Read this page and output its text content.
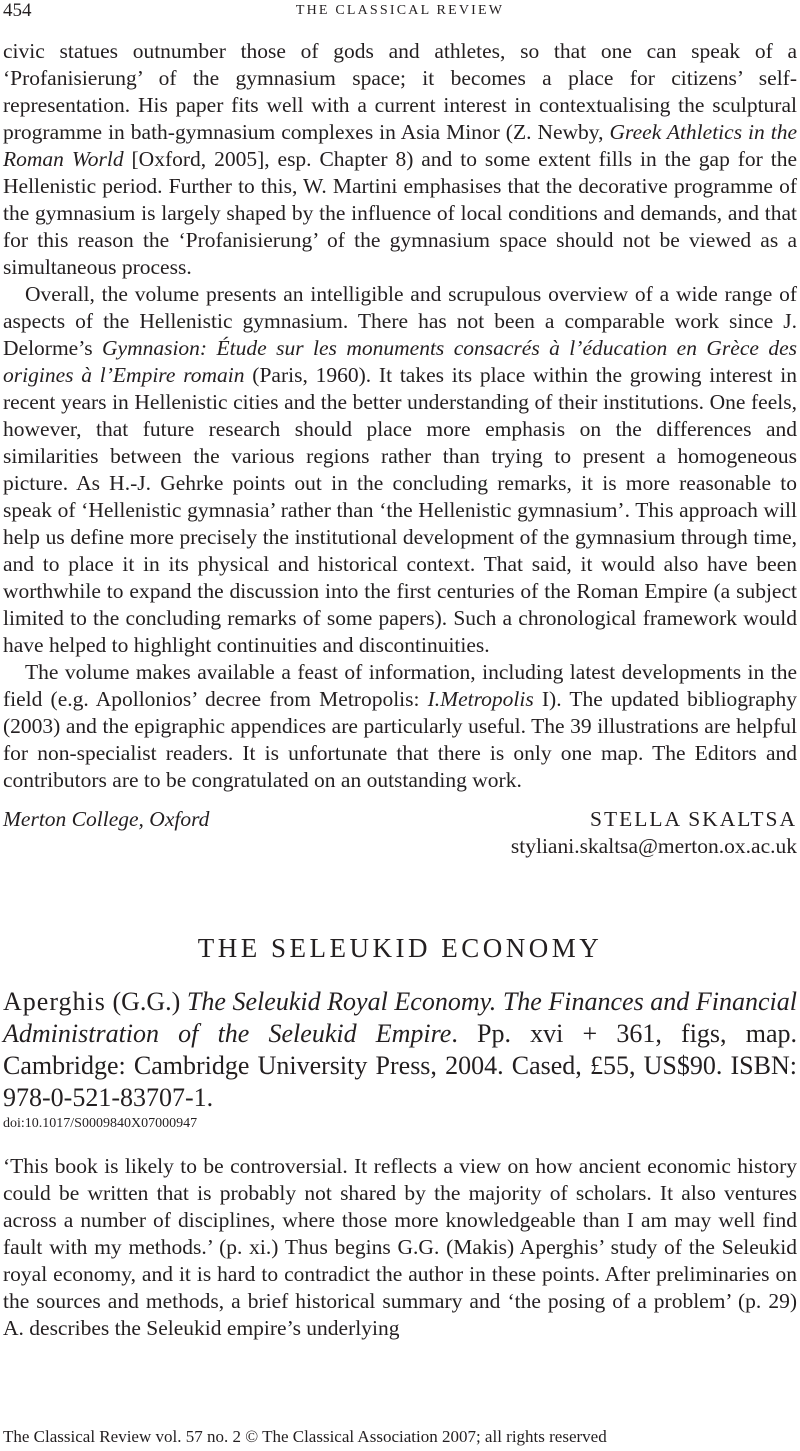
454	THE CLASSICAL REVIEW

civic statues outnumber those of gods and athletes, so that one can speak of a ‘Profanisierung’ of the gymnasium space; it becomes a place for citizens’ self-representation. His paper fits well with a current interest in contextualising the sculptural programme in bath-gymnasium complexes in Asia Minor (Z. Newby, Greek Athletics in the Roman World [Oxford, 2005], esp. Chapter 8) and to some extent fills in the gap for the Hellenistic period. Further to this, W. Martini emphasises that the decorative programme of the gymnasium is largely shaped by the influence of local conditions and demands, and that for this reason the ‘Profanisierung’ of the gymnasium space should not be viewed as a simultaneous process.

Overall, the volume presents an intelligible and scrupulous overview of a wide range of aspects of the Hellenistic gymnasium. There has not been a comparable work since J. Delorme’s Gymnasion: Étude sur les monuments consacrés à l’éducation en Grèce des origines à l’Empire romain (Paris, 1960). It takes its place within the growing interest in recent years in Hellenistic cities and the better understanding of their institutions. One feels, however, that future research should place more emphasis on the differences and similarities between the various regions rather than trying to present a homogeneous picture. As H.-J. Gehrke points out in the concluding remarks, it is more reasonable to speak of ‘Hellenistic gymnasia’ rather than ‘the Hellenistic gymnasium’. This approach will help us define more precisely the institutional development of the gymnasium through time, and to place it in its physical and historical context. That said, it would also have been worthwhile to expand the discussion into the first centuries of the Roman Empire (a subject limited to the concluding remarks of some papers). Such a chronological framework would have helped to highlight continuities and discontinuities.

The volume makes available a feast of information, including latest developments in the field (e.g. Apollonios’ decree from Metropolis: I.Metropolis I). The updated bibliography (2003) and the epigraphic appendices are particularly useful. The 39 illustrations are helpful for non-specialist readers. It is unfortunate that there is only one map. The Editors and contributors are to be congratulated on an outstanding work.

Merton College, Oxford	STELLA SKALTSA
styliani.skaltsa@merton.ox.ac.uk
THE SELEUKID ECONOMY
Aperghis (G.G.) The Seleukid Royal Economy. The Finances and Financial Administration of the Seleukid Empire. Pp. xvi + 361, figs, map. Cambridge: Cambridge University Press, 2004. Cased, £55, US$90. ISBN: 978-0-521-83707-1.
doi:10.1017/S0009840X07000947

‘This book is likely to be controversial. It reflects a view on how ancient economic history could be written that is probably not shared by the majority of scholars. It also ventures across a number of disciplines, where those more knowledgeable than I am may well find fault with my methods.’ (p. xi.) Thus begins G.G. (Makis) Aperghis’ study of the Seleukid royal economy, and it is hard to contradict the author in these points. After preliminaries on the sources and methods, a brief historical summary and ‘the posing of a problem’ (p. 29) A. describes the Seleukid empire’s underlying

The Classical Review vol. 57 no. 2 © The Classical Association 2007; all rights reserved
